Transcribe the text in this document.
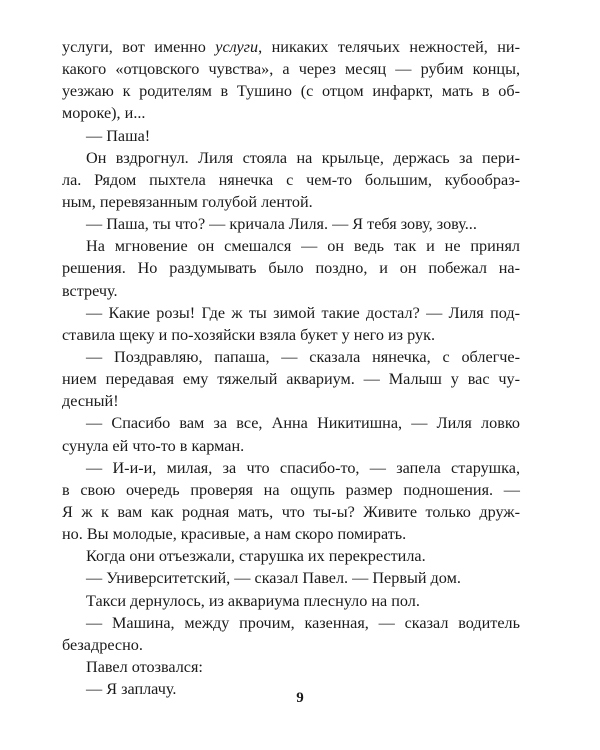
услуги, вот именно услуги, никаких телячьих нежностей, ни-
какого «отцовского чувства», а через месяц — рубим концы,
уезжаю к родителям в Тушино (с отцом инфаркт, мать в об-
мороке), и...
— Паша!
Он вздрогнул. Лиля стояла на крыльце, держась за пери-
ла. Рядом пыхтела нянечка с чем-то большим, кубообраз-
ным, перевязанным голубой лентой.
— Паша, ты что? — кричала Лиля. — Я тебя зову, зову...
На мгновение он смешался — он ведь так и не принял
решения. Но раздумывать было поздно, и он побежал на-
встречу.
— Какие розы! Где ж ты зимой такие достал? — Лиля под-
ставила щеку и по-хозяйски взяла букет у него из рук.
— Поздравляю, папаша, — сказала нянечка, с облегче-
нием передавая ему тяжелый аквариум. — Малыш у вас чу-
десный!
— Спасибо вам за все, Анна Никитишна, — Лиля ловко
сунула ей что-то в карман.
— И-и-и, милая, за что спасибо-то, — запела старушка,
в свою очередь проверяя на ощупь размер подношения. —
Я ж к вам как родная мать, что ты-ы? Живите только друж-
но. Вы молодые, красивые, а нам скоро помирать.
Когда они отъезжали, старушка их перекрестила.
— Университетский, — сказал Павел. — Первый дом.
Такси дернулось, из аквариума плеснуло на пол.
— Машина, между прочим, казенная, — сказал водитель
безадресно.
Павел отозвался:
— Я заплачу.	9
